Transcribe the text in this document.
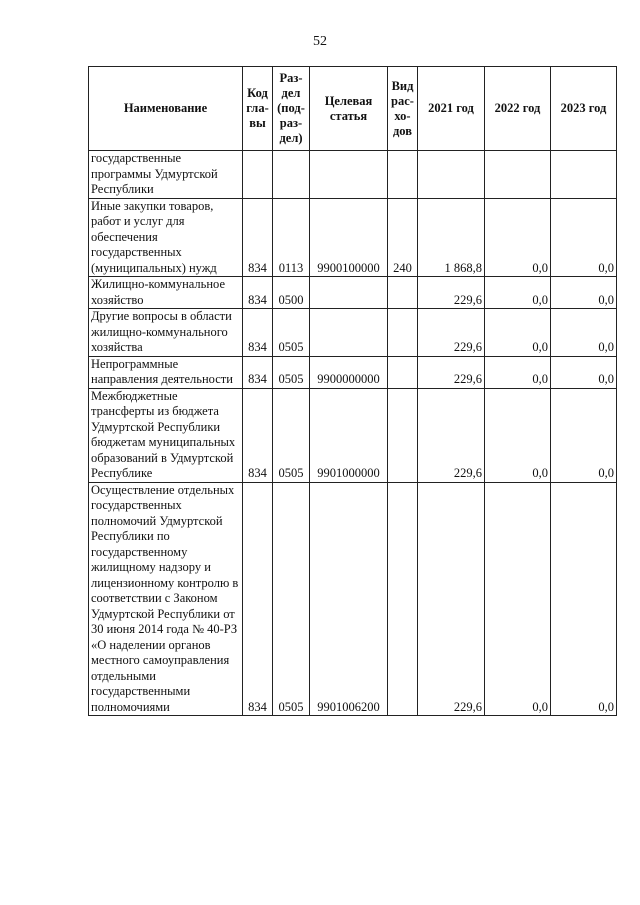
52
Наименование	Код гла- вы	Раз- дел (под- раз- дел)	Целевая статья	Вид рас- хо- дов	2021 год	2022 год	2023 год
государственные программы Удмуртской Республики							
Иные закупки товаров, работ и услуг для обеспечения государственных (муниципальных) нужд	834	0113	9900100000	240	1 868,8	0,0	0,0
Жилищно-коммунальное хозяйство	834	0500			229,6	0,0	0,0
Другие вопросы в области жилищно-коммунального хозяйства	834	0505			229,6	0,0	0,0
Непрограммные направления деятельности	834	0505	9900000000		229,6	0,0	0,0
Межбюджетные трансферты из бюджета Удмуртской Республики бюджетам муниципальных образований в Удмуртской Республике	834	0505	9901000000		229,6	0,0	0,0
Осуществление отдельных государственных полномочий Удмуртской Республики по государственному жилищному надзору и лицензионному контролю в соответствии с Законом Удмуртской Республики от 30 июня 2014 года № 40-РЗ «О наделении органов местного самоуправления отдельными государственными полномочиями	834	0505	9901006200		229,6	0,0	0,0
